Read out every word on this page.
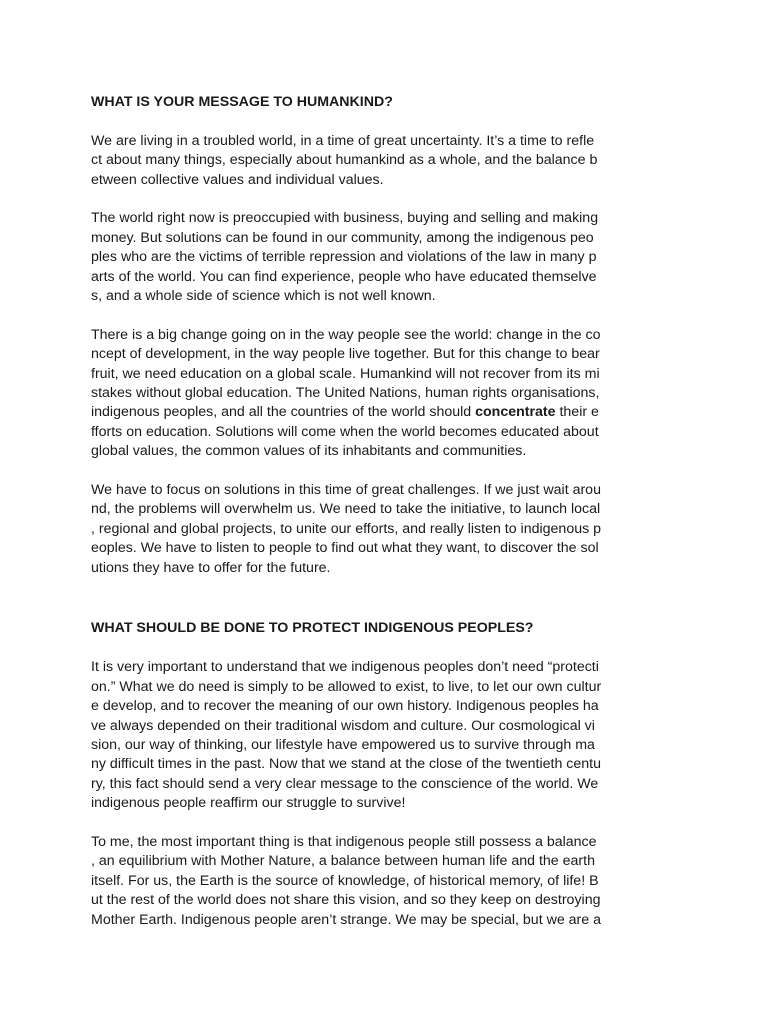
WHAT IS YOUR MESSAGE TO HUMANKIND?

We are living in a troubled world, in a time of great uncertainty. It’s a time to refle
ct about many things, especially about humankind as a whole, and the balance b
etween collective values and individual values.

The world right now is preoccupied with business, buying and selling and making
money. But solutions can be found in our community, among the indigenous peo
ples who are the victims of terrible repression and violations of the law in many p
arts of the world. You can find experience, people who have educated themselve
s, and a whole side of science which is not well known.

There is a big change going on in the way people see the world: change in the co
ncept of development, in the way people live together. But for this change to bear
fruit, we need education on a global scale. Humankind will not recover from its mi
stakes without global education. The United Nations, human rights organisations,
indigenous peoples, and all the countries of the world should concentrate their e
fforts on education. Solutions will come when the world becomes educated about
global values, the common values of its inhabitants and communities.

We have to focus on solutions in this time of great challenges. If we just wait arou
nd, the problems will overwhelm us. We need to take the initiative, to launch local
, regional and global projects, to unite our efforts, and really listen to indigenous p
eoples. We have to listen to people to find out what they want, to discover the sol
utions they have to offer for the future.

WHAT SHOULD BE DONE TO PROTECT INDIGENOUS PEOPLES?

It is very important to understand that we indigenous peoples don’t need “protecti
on.” What we do need is simply to be allowed to exist, to live, to let our own cultur
e develop, and to recover the meaning of our own history. Indigenous peoples ha
ve always depended on their traditional wisdom and culture. Our cosmological vi
sion, our way of thinking, our lifestyle have empowered us to survive through ma
ny difficult times in the past. Now that we stand at the close of the twentieth centu
ry, this fact should send a very clear message to the conscience of the world. We
indigenous people reaffirm our struggle to survive!

To me, the most important thing is that indigenous people still possess a balance
, an equilibrium with Mother Nature, a balance between human life and the earth
itself. For us, the Earth is the source of knowledge, of historical memory, of life! B
ut the rest of the world does not share this vision, and so they keep on destroying
Mother Earth. Indigenous people aren’t strange. We may be special, but we are a
